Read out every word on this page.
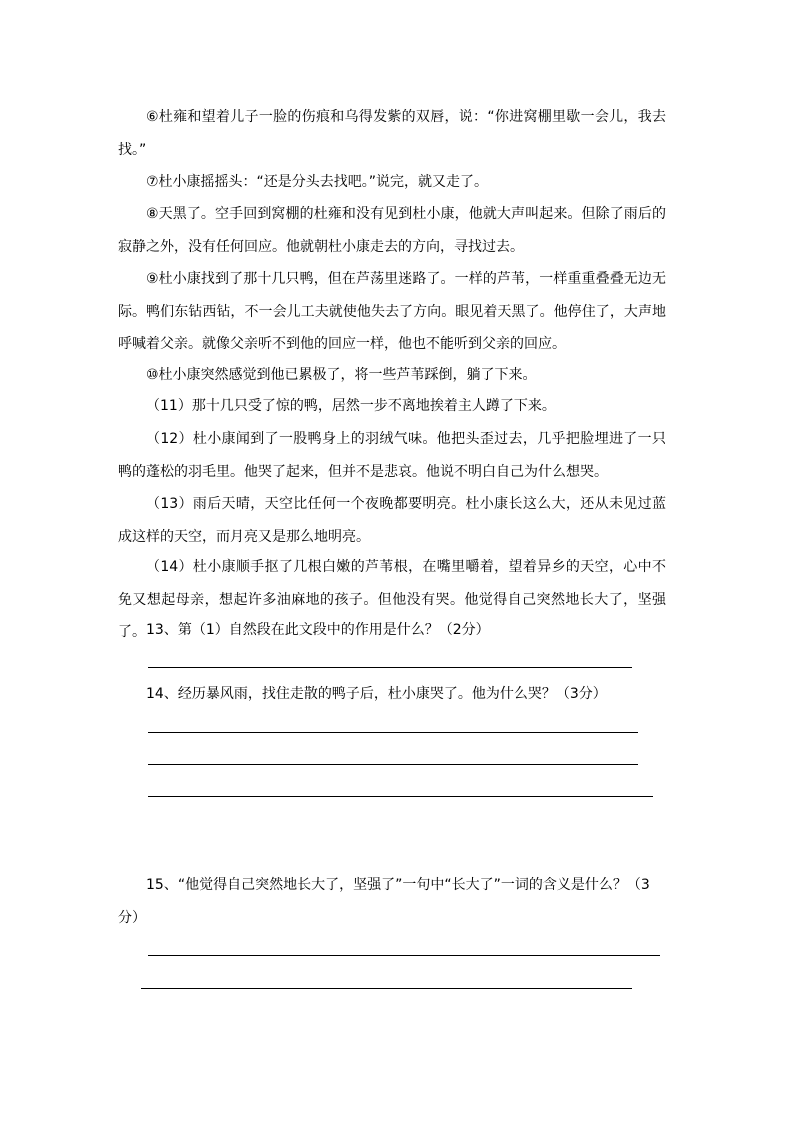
⑥杜雍和望着儿子一脸的伤痕和乌得发紫的双唇，说：“你进窝棚里歇一会儿，我去找。”

⑦杜小康摇摇头：“还是分头去找吧。”说完，就又走了。

⑧天黑了。空手回到窝棚的杜雍和没有见到杜小康，他就大声叫起来。但除了雨后的寂静之外，没有任何回应。他就朝杜小康走去的方向，寻找过去。

⑨杜小康找到了那十几只鸭，但在芦荡里迷路了。一样的芦苇，一样重重叠叠无边无际。鸭们东钻西钻，不一会儿工夫就使他失去了方向。眼见着天黑了。他停住了，大声地呼喊着父亲。就像父亲听不到他的回应一样，他也不能听到父亲的回应。

⑩杜小康突然感觉到他已累极了，将一些芦苇踩倒，躺了下来。

（11）那十几只受了惊的鸭，居然一步不离地挨着主人蹲了下来。

（12）杜小康闻到了一股鸭身上的羽绒气味。他把头歪过去，几乎把脸埋进了一只鸭的蓬松的羽毛里。他哭了起来，但并不是悲哀。他说不明白自己为什么想哭。

（13）雨后天晴，天空比任何一个夜晚都要明亮。杜小康长这么大，还从未见过蓝成这样的天空，而月亮又是那么地明亮。

（14）杜小康顺手抠了几根白嫩的芦苇根，在嘴里嚼着，望着异乡的天空，心中不免又想起母亲，想起许多油麻地的孩子。但他没有哭。他觉得自己突然地长大了，坚强了。 13、第（1）自然段在此文段中的作用是什么？（2分）

14、经历暴风雨，找住走散的鸭子后，杜小康哭了。他为什么哭？（3分）

15、“他觉得自己突然地长大了，坚强了”一句中“长大了”一词的含义是什么？（3分）
